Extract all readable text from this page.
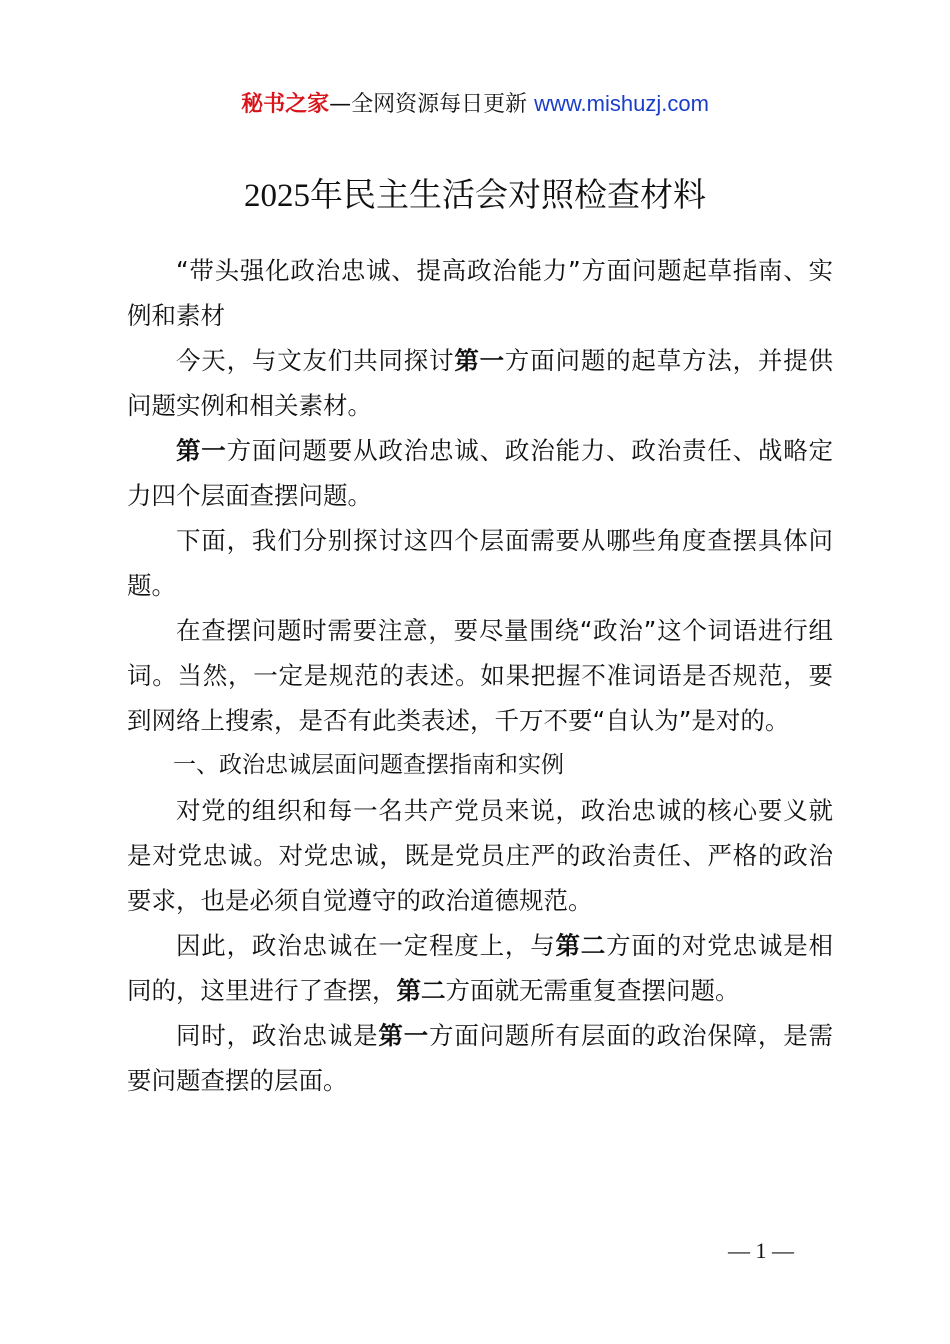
秘书之家—全网资源每日更新 www.mishuzj.com
2025年民主生活会对照检查材料

“带头强化政治忠诚、提高政治能力”方面问题起草指南、实例和素材

今天，与文友们共同探讨第一方面问题的起草方法，并提供问题实例和相关素材。

第一方面问题要从政治忠诚、政治能力、政治责任、战略定力四个层面查摆问题。

下面，我们分别探讨这四个层面需要从哪些角度查摆具体问题。

在查摆问题时需要注意，要尽量围绕“政治”这个词语进行组词。当然，一定是规范的表述。如果把握不准词语是否规范，要到网络上搜索，是否有此类表述，千万不要“自认为”是对的。

一、政治忠诚层面问题查摆指南和实例

对党的组织和每一名共产党员来说，政治忠诚的核心要义就是对党忠诚。对党忠诚，既是党员庄严的政治责任、严格的政治要求，也是必须自觉遵守的政治道德规范。

因此，政治忠诚在一定程度上，与第二方面的对党忠诚是相同的，这里进行了查摆，第二方面就无需重复查摆问题。

同时，政治忠诚是第一方面问题所有层面的政治保障，是需要问题查摆的层面。

— 1 —
